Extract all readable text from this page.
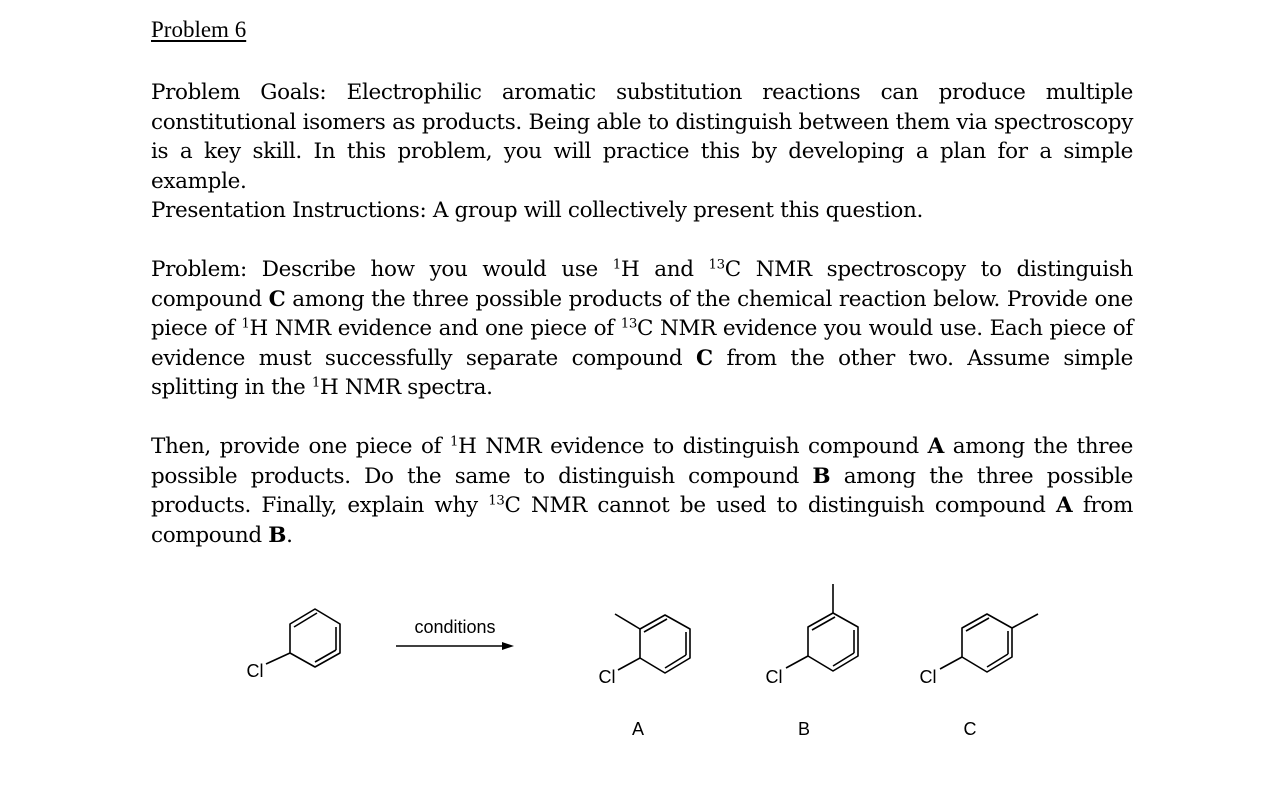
Problem 6
Problem Goals: Electrophilic aromatic substitution reactions can produce multiple constitutional isomers as products. Being able to distinguish between them via spectroscopy is a key skill. In this problem, you will practice this by developing a plan for a simple example.
Presentation Instructions: A group will collectively present this question.
Problem: Describe how you would use $^1$H and $^{13}$C NMR spectroscopy to distinguish compound C among the three possible products of the chemical reaction below. Provide one piece of $^1$H NMR evidence and one piece of $^{13}$C NMR evidence you would use. Each piece of evidence must successfully separate compound C from the other two. Assume simple splitting in the $^1$H NMR spectra.
Then, provide one piece of $^1$H NMR evidence to distinguish compound A among the three possible products. Do the same to distinguish compound B among the three possible products. Finally, explain why $^{13}$C NMR cannot be used to distinguish compound A from compound B.
Cl
conditions
Cl	Cl	Cl
A	B	C
